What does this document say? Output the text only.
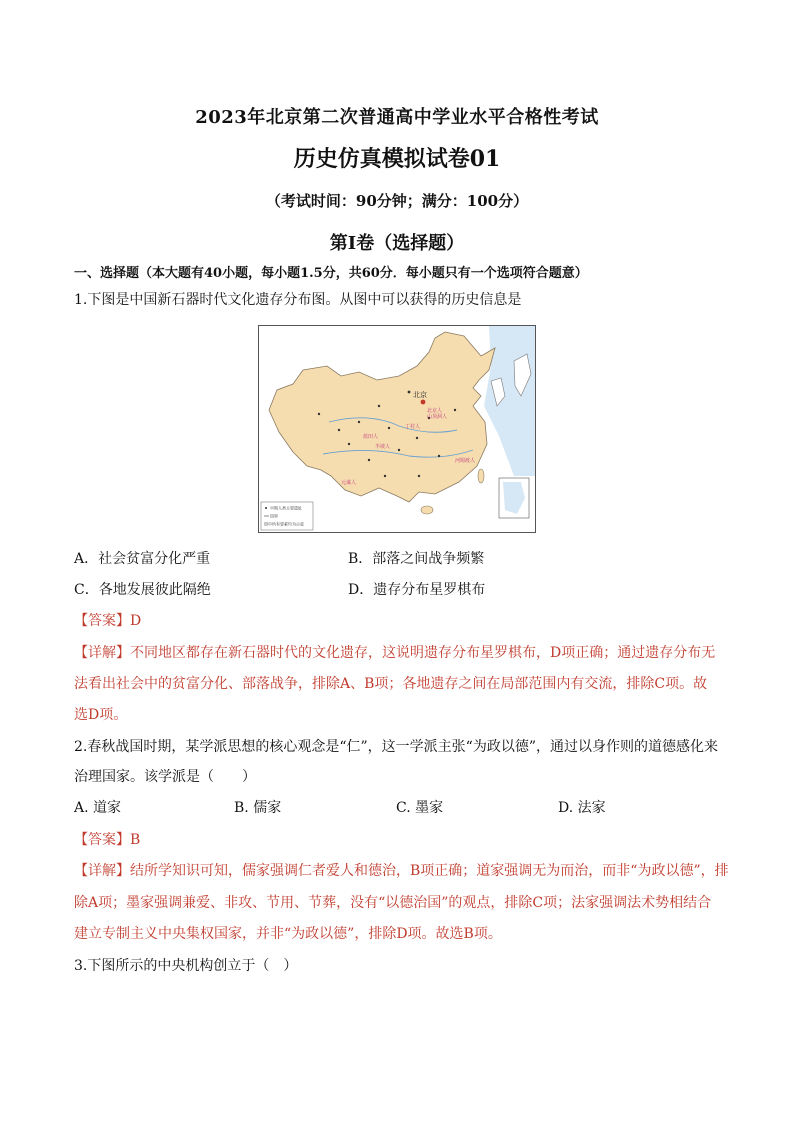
2023年北京第二次普通高中学业水平合格性考试
历史仿真模拟试卷01
（考试时间：90分钟；满分：100分）
第Ⅰ卷（选择题）
一、选择题（本大题有40小题，每小题1.5分，共60分．每小题只有一个选项符合题意）
1.下图是中国新石器时代文化遗存分布图。从图中可以获得的历史信息是
北京
北京人
蓝田人
元谋人
山顶洞人
丁村人
河姆渡人
半坡人
早期人类主要遗址
国界
图中所有要素均为示意
A．社会贫富分化严重	B．部落之间战争频繁
C．各地发展彼此隔绝	D．遗存分布星罗棋布
【答案】D
【详解】不同地区都存在新石器时代的文化遗存，这说明遗存分布星罗棋布，D项正确；通过遗存分布无
法看出社会中的贫富分化、部落战争，排除A、B项；各地遗存之间在局部范围内有交流，排除C项。故
选D项。
2.春秋战国时期，某学派思想的核心观念是“仁”，这一学派主张“为政以德”，通过以身作则的道德感化来
治理国家。该学派是（　　）
A. 道家	B. 儒家	C. 墨家	D. 法家
【答案】B
【详解】结所学知识可知，儒家强调仁者爱人和德治，B项正确；道家强调无为而治，而非“为政以德”，排
除A项；墨家强调兼爱、非攻、节用、节葬，没有“以德治国”的观点，排除C项；法家强调法术势相结合
建立专制主义中央集权国家，并非“为政以德”，排除D项。故选B项。
3.下图所示的中央机构创立于（　）
